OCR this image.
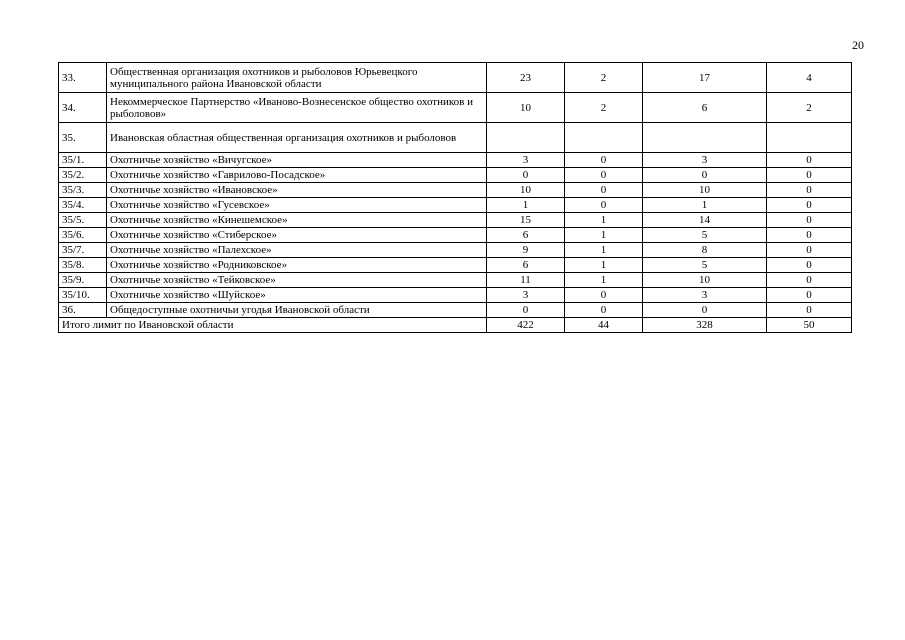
20
33.	Общественная организация охотников и рыболовов Юрьевецкого муниципального района Ивановской области	23	2	17	4
34.	Некоммерческое Партнерство «Иваново-Вознесенское общество охотников и рыболовов»	10	2	6	2
35.	Ивановская областная общественная организация охотников и рыболовов				
35/1.	Охотничье хозяйство «Вичугское»	3	0	3	0
35/2.	Охотничье хозяйство «Гаврилово-Посадское»	0	0	0	0
35/3.	Охотничье хозяйство «Ивановское»	10	0	10	0
35/4.	Охотничье хозяйство «Гусевское»	1	0	1	0
35/5.	Охотничье хозяйство «Кинешемское»	15	1	14	0
35/6.	Охотничье хозяйство «Стиберское»	6	1	5	0
35/7.	Охотничье хозяйство «Палехское»	9	1	8	0
35/8.	Охотничье хозяйство «Родниковское»	6	1	5	0
35/9.	Охотничье хозяйство «Тейковское»	11	1	10	0
35/10.	Охотничье хозяйство «Шуйское»	3	0	3	0
36.	Общедоступные охотничьи угодья Ивановской области	0	0	0	0
Итого лимит по Ивановской области		422	44	328	50
